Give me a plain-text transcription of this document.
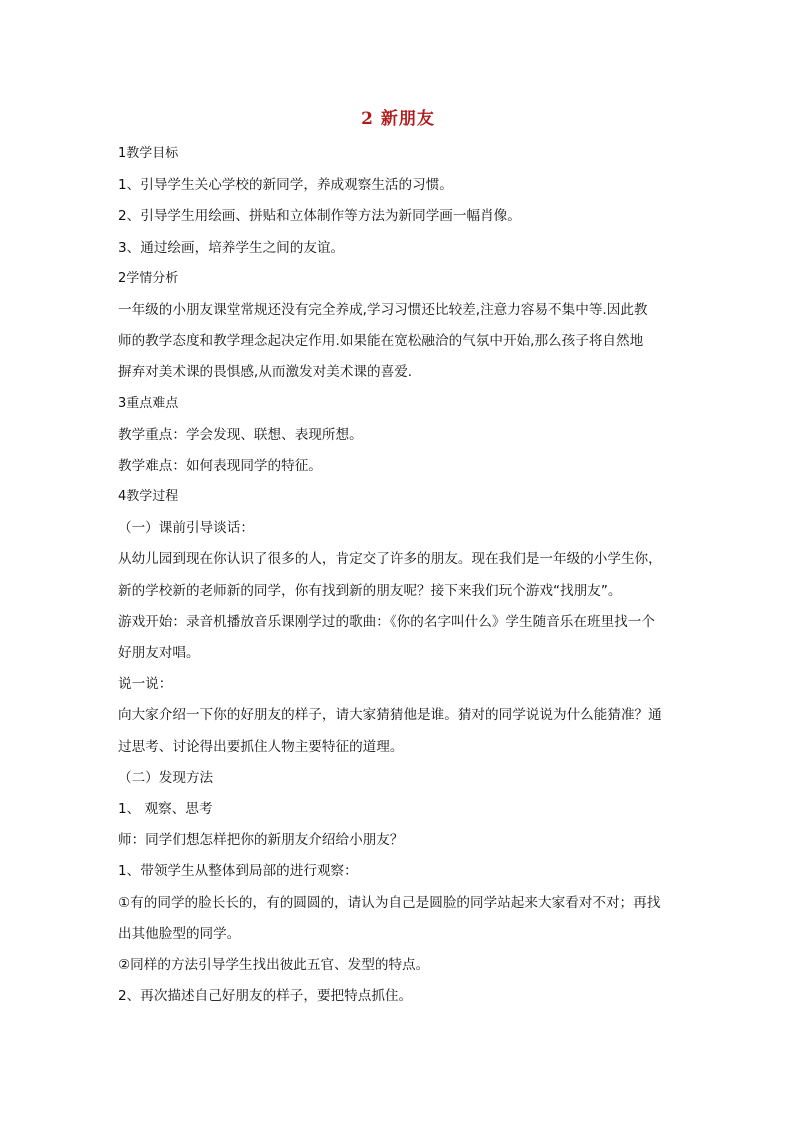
2 新朋友
1教学目标
1、引导学生关心学校的新同学，养成观察生活的习惯。
2、引导学生用绘画、拼贴和立体制作等方法为新同学画一幅肖像。
3、通过绘画，培养学生之间的友谊。
2学情分析
一年级的小朋友课堂常规还没有完全养成,学习习惯还比较差,注意力容易不集中等.因此教
师的教学态度和教学理念起决定作用.如果能在宽松融洽的气氛中开始,那么孩子将自然地
摒弃对美术课的畏惧感,从而激发对美术课的喜爱.
3重点难点
教学重点：学会发现、联想、表现所想。
教学难点：如何表现同学的特征。
4教学过程
（一）课前引导谈话：
从幼儿园到现在你认识了很多的人，肯定交了许多的朋友。现在我们是一年级的小学生你，
新的学校新的老师新的同学，你有找到新的朋友呢？接下来我们玩个游戏“找朋友”。
游戏开始：录音机播放音乐课刚学过的歌曲：《你的名字叫什么》学生随音乐在班里找一个
好朋友对唱。
说一说：
向大家介绍一下你的好朋友的样子，请大家猜猜他是谁。猜对的同学说说为什么能猜准？通
过思考、讨论得出要抓住人物主要特征的道理。
（二）发现方法
1、 观察、思考
师：同学们想怎样把你的新朋友介绍给小朋友？
1、带领学生从整体到局部的进行观察：
①有的同学的脸长长的，有的圆圆的，请认为自己是圆脸的同学站起来大家看对不对；再找
出其他脸型的同学。
②同样的方法引导学生找出彼此五官、发型的特点。
2、再次描述自己好朋友的样子，要把特点抓住。
